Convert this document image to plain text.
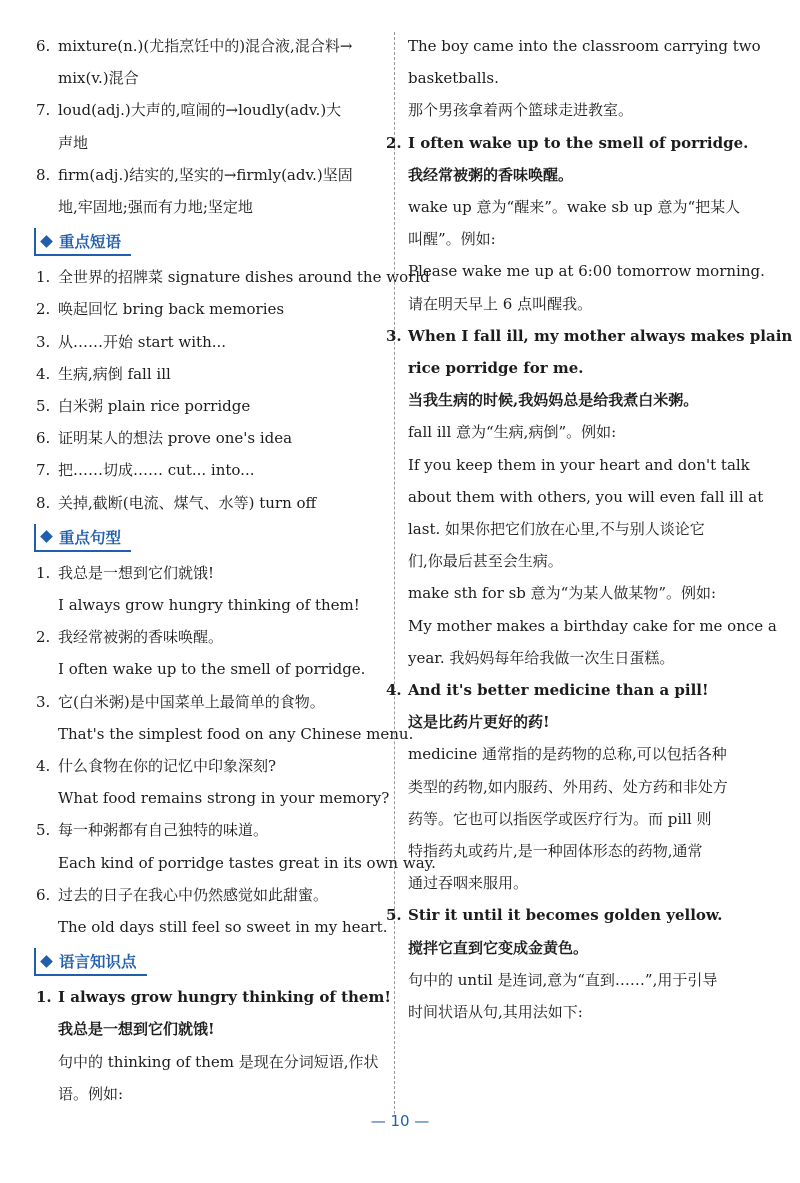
6. mixture(n.)(尤指烹饪中的)混合液,混合料→
mix(v.)混合
7. loud(adj.)大声的,喧闹的→loudly(adv.)大
声地
8. firm(adj.)结实的,坚实的→firmly(adv.)坚固
地,牢固地;强而有力地;坚定地
重点短语
1. 全世界的招牌菜 signature dishes around the world
2. 唤起回忆 bring back memories
3. 从……开始 start with...
4. 生病,病倒 fall ill
5. 白米粥 plain rice porridge
6. 证明某人的想法 prove one's idea
7. 把……切成…… cut... into...
8. 关掉,截断(电流、煤气、水等) turn off
重点句型
1. 我总是一想到它们就饿!
I always grow hungry thinking of them!
2. 我经常被粥的香味唤醒。
I often wake up to the smell of porridge.
3. 它(白米粥)是中国菜单上最简单的食物。
That's the simplest food on any Chinese menu.
4. 什么食物在你的记忆中印象深刻?
What food remains strong in your memory?
5. 每一种粥都有自己独特的味道。
Each kind of porridge tastes great in its own way.
6. 过去的日子在我心中仍然感觉如此甜蜜。
The old days still feel so sweet in my heart.
语言知识点
1. I always grow hungry thinking of them!
我总是一想到它们就饿!
句中的 thinking of them 是现在分词短语,作状
语。例如:
The boy came into the classroom carrying two
basketballs.
那个男孩拿着两个篮球走进教室。
2. I often wake up to the smell of porridge.
我经常被粥的香味唤醒。
wake up 意为“醒来”。wake sb up 意为“把某人
叫醒”。例如:
Please wake me up at 6:00 tomorrow morning.
请在明天早上 6 点叫醒我。
3. When I fall ill, my mother always makes plain
rice porridge for me.
当我生病的时候,我妈妈总是给我煮白米粥。
fall ill 意为“生病,病倒”。例如:
If you keep them in your heart and don't talk
about them with others, you will even fall ill at
last. 如果你把它们放在心里,不与别人谈论它
们,你最后甚至会生病。
make sth for sb 意为“为某人做某物”。例如:
My mother makes a birthday cake for me once a
year. 我妈妈每年给我做一次生日蛋糕。
4. And it's better medicine than a pill!
这是比药片更好的药!
medicine 通常指的是药物的总称,可以包括各种
类型的药物,如内服药、外用药、处方药和非处方
药等。它也可以指医学或医疗行为。而 pill 则
特指药丸或药片,是一种固体形态的药物,通常
通过吞咽来服用。
5. Stir it until it becomes golden yellow.
搅拌它直到它变成金黄色。
句中的 until 是连词,意为“直到……”,用于引导
时间状语从句,其用法如下:
— 10 —
